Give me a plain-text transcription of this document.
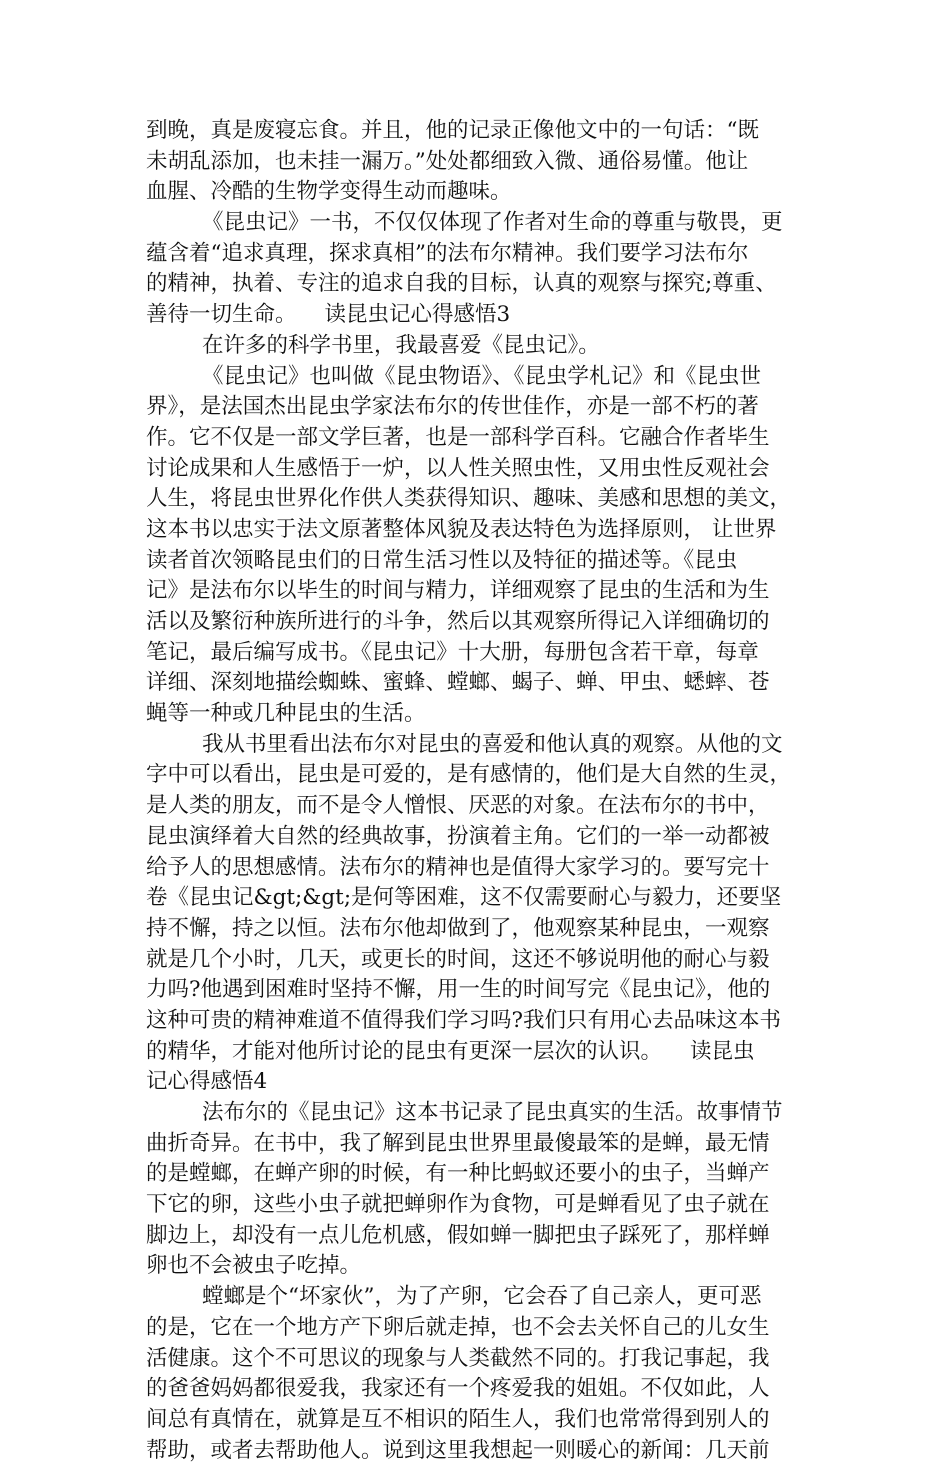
到晚，真是废寝忘食。并且，他的记录正像他文中的一句话：“既
未胡乱添加，也未挂一漏万。”处处都细致入微、通俗易懂。他让
血腥、冷酷的生物学变得生动而趣味。
《昆虫记》一书，不仅仅体现了作者对生命的尊重与敬畏，更
蕴含着“追求真理，探求真相”的法布尔精神。我们要学习法布尔
的精神，执着、专注的追求自我的目标，认真的观察与探究;尊重、
善待一切生命。 读昆虫记心得感悟3
在许多的科学书里，我最喜爱《昆虫记》。
《昆虫记》也叫做《昆虫物语》、《昆虫学札记》和《昆虫世
界》，是法国杰出昆虫学家法布尔的传世佳作，亦是一部不朽的著
作。它不仅是一部文学巨著，也是一部科学百科。它融合作者毕生
讨论成果和人生感悟于一炉，以人性关照虫性，又用虫性反观社会
人生，将昆虫世界化作供人类获得知识、趣味、美感和思想的美文，
这本书以忠实于法文原著整体风貌及表达特色为选择原则， 让世界
读者首次领略昆虫们的日常生活习性以及特征的描述等。《昆虫
记》是法布尔以毕生的时间与精力，详细观察了昆虫的生活和为生
活以及繁衍种族所进行的斗争，然后以其观察所得记入详细确切的
笔记，最后编写成书。《昆虫记》十大册，每册包含若干章，每章
详细、深刻地描绘蜘蛛、蜜蜂、螳螂、蝎子、蝉、甲虫、蟋蟀、苍
蝇等一种或几种昆虫的生活。
我从书里看出法布尔对昆虫的喜爱和他认真的观察。从他的文
字中可以看出，昆虫是可爱的，是有感情的，他们是大自然的生灵，
是人类的朋友，而不是令人憎恨、厌恶的对象。在法布尔的书中，
昆虫演绎着大自然的经典故事，扮演着主角。它们的一举一动都被
给予人的思想感情。法布尔的精神也是值得大家学习的。要写完十
卷《昆虫记&gt;&gt;是何等困难，这不仅需要耐心与毅力，还要坚
持不懈，持之以恒。法布尔他却做到了，他观察某种昆虫，一观察
就是几个小时，几天，或更长的时间，这还不够说明他的耐心与毅
力吗?他遇到困难时坚持不懈，用一生的时间写完《昆虫记》，他的
这种可贵的精神难道不值得我们学习吗?我们只有用心去品味这本书
的精华，才能对他所讨论的昆虫有更深一层次的认识。 读昆虫
记心得感悟4
法布尔的《昆虫记》这本书记录了昆虫真实的生活。故事情节
曲折奇异。在书中，我了解到昆虫世界里最傻最笨的是蝉，最无情
的是螳螂，在蝉产卵的时候，有一种比蚂蚁还要小的虫子，当蝉产
下它的卵，这些小虫子就把蝉卵作为食物，可是蝉看见了虫子就在
脚边上，却没有一点儿危机感，假如蝉一脚把虫子踩死了，那样蝉
卵也不会被虫子吃掉。
螳螂是个“坏家伙”，为了产卵，它会吞了自己亲人，更可恶
的是，它在一个地方产下卵后就走掉，也不会去关怀自己的儿女生
活健康。这个不可思议的现象与人类截然不同的。打我记事起，我
的爸爸妈妈都很爱我，我家还有一个疼爱我的姐姐。不仅如此，人
间总有真情在，就算是互不相识的陌生人，我们也常常得到别人的
帮助，或者去帮助他人。说到这里我想起一则暖心的新闻：几天前
